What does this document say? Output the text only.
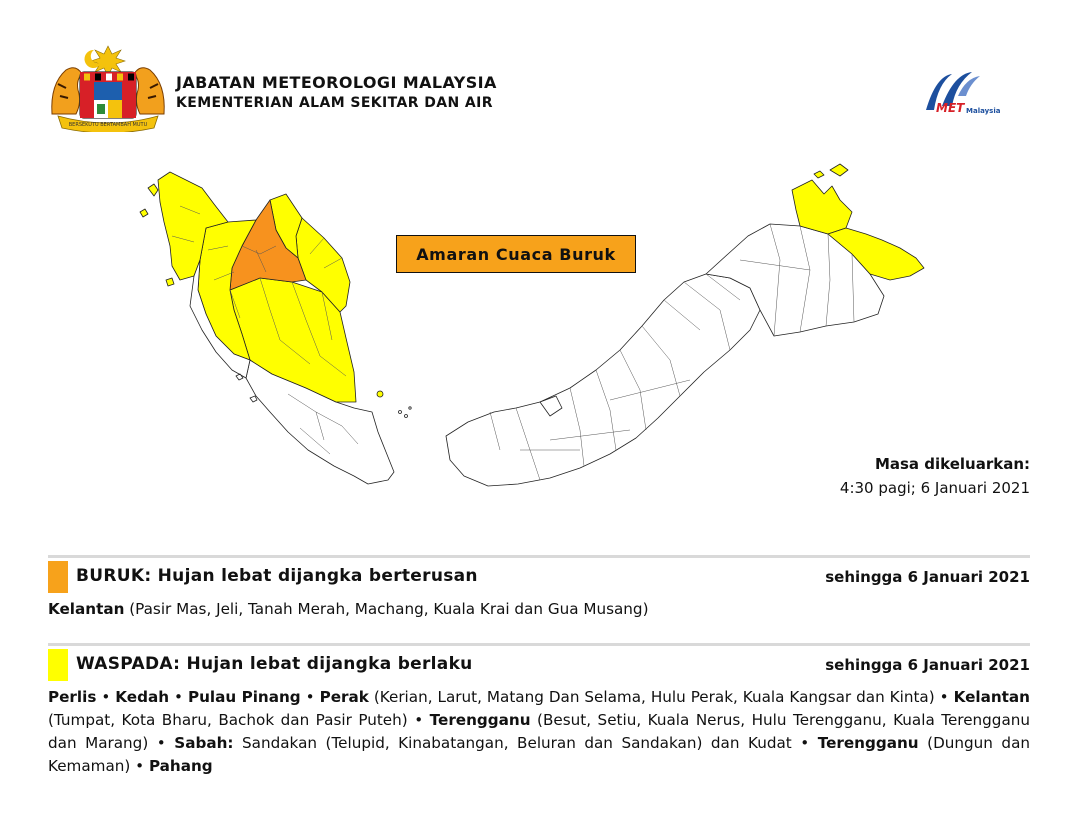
BERSEKUTU BERTAMBAH MUTU
JABATAN METEOROLOGI MALAYSIA
KEMENTERIAN ALAM SEKITAR DAN AIR	MET Malaysia
Amaran Cuaca Buruk
Masa dikeluarkan:
4:30 pagi; 6 Januari 2021
BURUK: Hujan lebat dijangka berterusan	sehingga 6 Januari 2021
Kelantan (Pasir Mas, Jeli, Tanah Merah, Machang, Kuala Krai dan Gua Musang)
WASPADA: Hujan lebat dijangka berlaku	sehingga 6 Januari 2021
Perlis • Kedah • Pulau Pinang • Perak (Kerian, Larut, Matang Dan Selama, Hulu Perak, Kuala Kangsar dan Kinta) • Kelantan (Tumpat, Kota Bharu, Bachok dan Pasir Puteh) • Terengganu (Besut, Setiu, Kuala Nerus, Hulu Terengganu, Kuala Terengganu dan Marang) • Sabah: Sandakan (Telupid, Kinabatangan, Beluran dan Sandakan) dan Kudat • Terengganu (Dungun dan Kemaman) • Pahang
